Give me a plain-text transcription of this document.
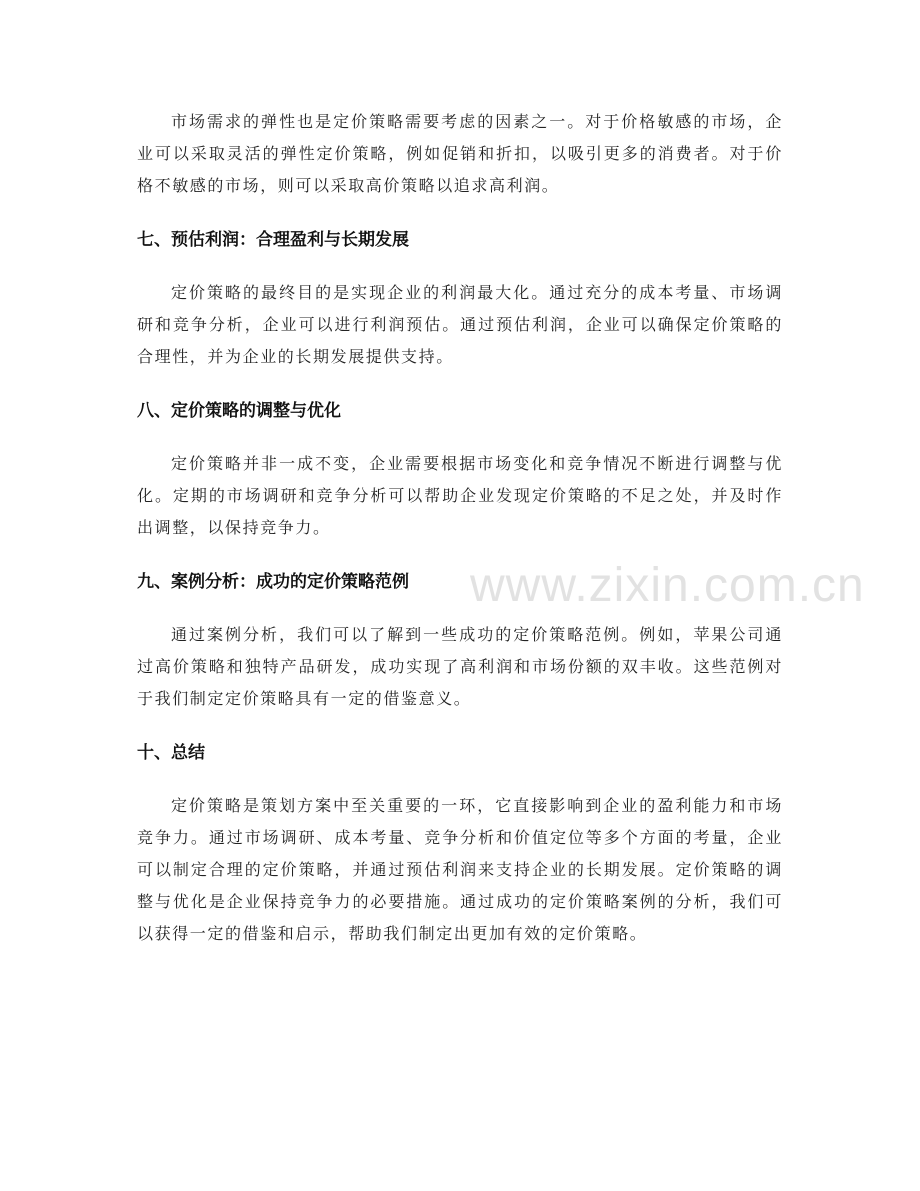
www.zixin.com.cn
市场需求的弹性也是定价策略需要考虑的因素之一。对于价格敏感的市场，企
业可以采取灵活的弹性定价策略，例如促销和折扣，以吸引更多的消费者。对于价
格不敏感的市场，则可以采取高价策略以追求高利润。
七、预估利润：合理盈利与长期发展
定价策略的最终目的是实现企业的利润最大化。通过充分的成本考量、市场调
研和竞争分析，企业可以进行利润预估。通过预估利润，企业可以确保定价策略的
合理性，并为企业的长期发展提供支持。
八、定价策略的调整与优化
定价策略并非一成不变，企业需要根据市场变化和竞争情况不断进行调整与优
化。定期的市场调研和竞争分析可以帮助企业发现定价策略的不足之处，并及时作
出调整，以保持竞争力。
九、案例分析：成功的定价策略范例
通过案例分析，我们可以了解到一些成功的定价策略范例。例如，苹果公司通
过高价策略和独特产品研发，成功实现了高利润和市场份额的双丰收。这些范例对
于我们制定定价策略具有一定的借鉴意义。
十、总结
定价策略是策划方案中至关重要的一环，它直接影响到企业的盈利能力和市场
竞争力。通过市场调研、成本考量、竞争分析和价值定位等多个方面的考量，企业
可以制定合理的定价策略，并通过预估利润来支持企业的长期发展。定价策略的调
整与优化是企业保持竞争力的必要措施。通过成功的定价策略案例的分析，我们可
以获得一定的借鉴和启示，帮助我们制定出更加有效的定价策略。
